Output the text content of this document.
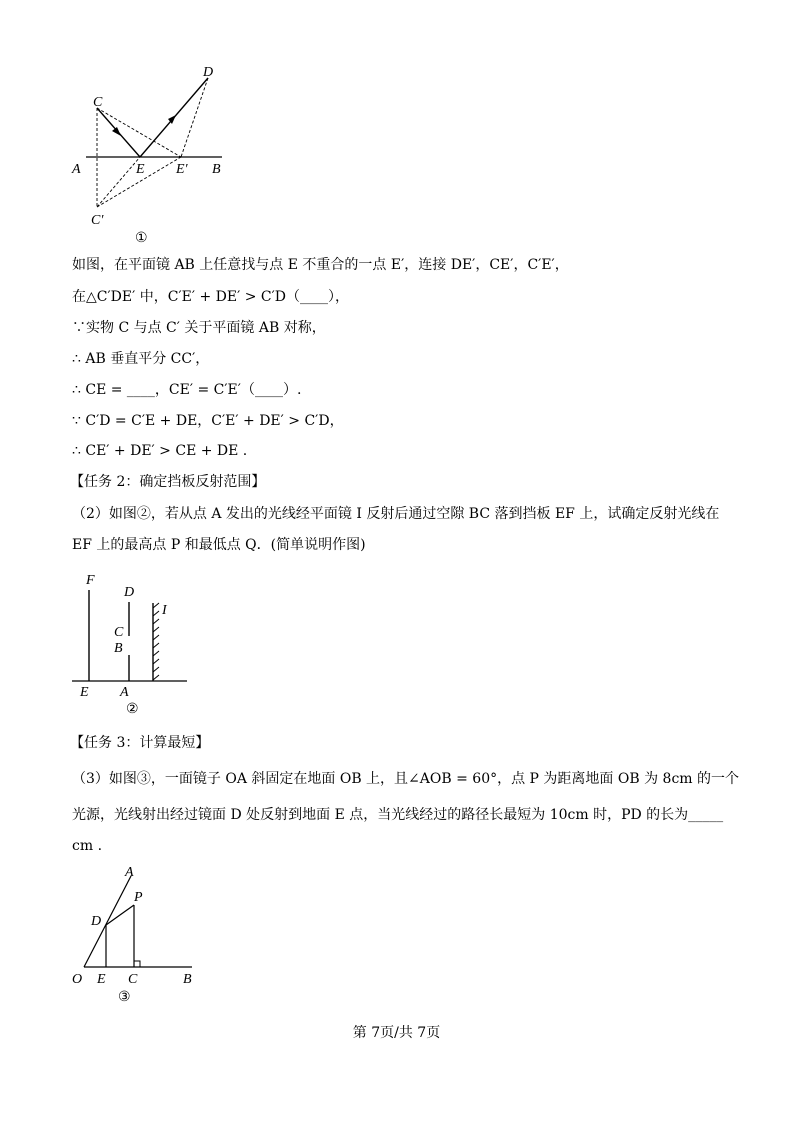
C
D
A	E E′ B
C′
①
如图，在平面镜 AB 上任意找与点 E 不重合的一点 E′，连接 DE′，CE′，C′E′，
在△C′DE′ 中，C′E′ + DE′ > C′D（____），
∵实物 C 与点 C′ 关于平面镜 AB 对称，
∴ AB 垂直平分 CC′，
∴ CE = ____，CE′ = C′E′（____）.
∵ C′D = C′E + DE，C′E′ + DE′ > C′D，
∴ CE′ + DE′ > CE + DE .
【任务 2：确定挡板反射范围】
（2）如图②，若从点 A 发出的光线经平面镜 I 反射后通过空隙 BC 落到挡板 EF 上，试确定反射光线在
EF 上的最高点 P 和最低点 Q．(简单说明作图)
F
D
C
B
I
E A
②
【任务 3：计算最短】
（3）如图③，一面镜子 OA 斜固定在地面 OB 上，且∠AOB = 60°，点 P 为距离地面 OB 为 8cm 的一个
光源，光线射出经过镜面 D 处反射到地面 E 点，当光线经过的路径长最短为 10cm 时，PD 的长为_____
cm .
A
P
D
O E C	B
③
第 7页/共 7页
